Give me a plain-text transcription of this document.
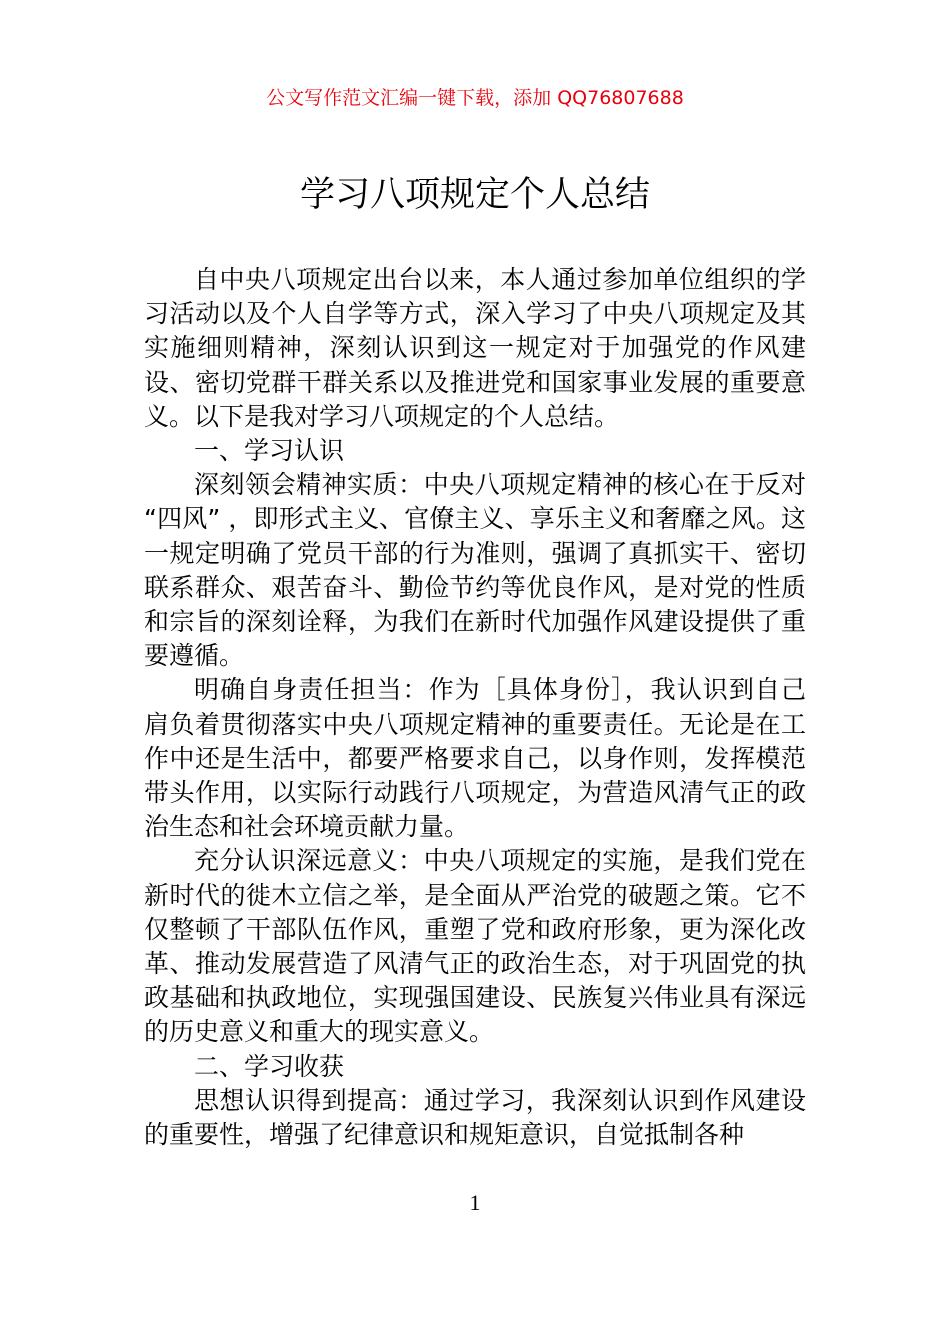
公文写作范文汇编一键下载，添加 QQ76807688
学习八项规定个人总结

自中央八项规定出台以来，本人通过参加单位组织的学习活动以及个人自学等方式，深入学习了中央八项规定及其实施细则精神，深刻认识到这一规定对于加强党的作风建设、密切党群干群关系以及推进党和国家事业发展的重要意义。以下是我对学习八项规定的个人总结。

一、学习认识

深刻领会精神实质：中央八项规定精神的核心在于反对 “四风” ，即形式主义、官僚主义、享乐主义和奢靡之风。这一规定明确了党员干部的行为准则，强调了真抓实干、密切联系群众、艰苦奋斗、勤俭节约等优良作风，是对党的性质和宗旨的深刻诠释，为我们在新时代加强作风建设提供了重要遵循。

明确自身责任担当：作为［具体身份］，我认识到自己肩负着贯彻落实中央八项规定精神的重要责任。无论是在工作中还是生活中，都要严格要求自己，以身作则，发挥模范带头作用，以实际行动践行八项规定，为营造风清气正的政治生态和社会环境贡献力量。

充分认识深远意义：中央八项规定的实施，是我们党在新时代的徙木立信之举，是全面从严治党的破题之策。它不仅整顿了干部队伍作风，重塑了党和政府形象，更为深化改革、推动发展营造了风清气正的政治生态，对于巩固党的执政基础和执政地位，实现强国建设、民族复兴伟业具有深远的历史意义和重大的现实意义。

二、学习收获

思想认识得到提高：通过学习，我深刻认识到作风建设的重要性，增强了纪律意识和规矩意识，自觉抵制各种

1
